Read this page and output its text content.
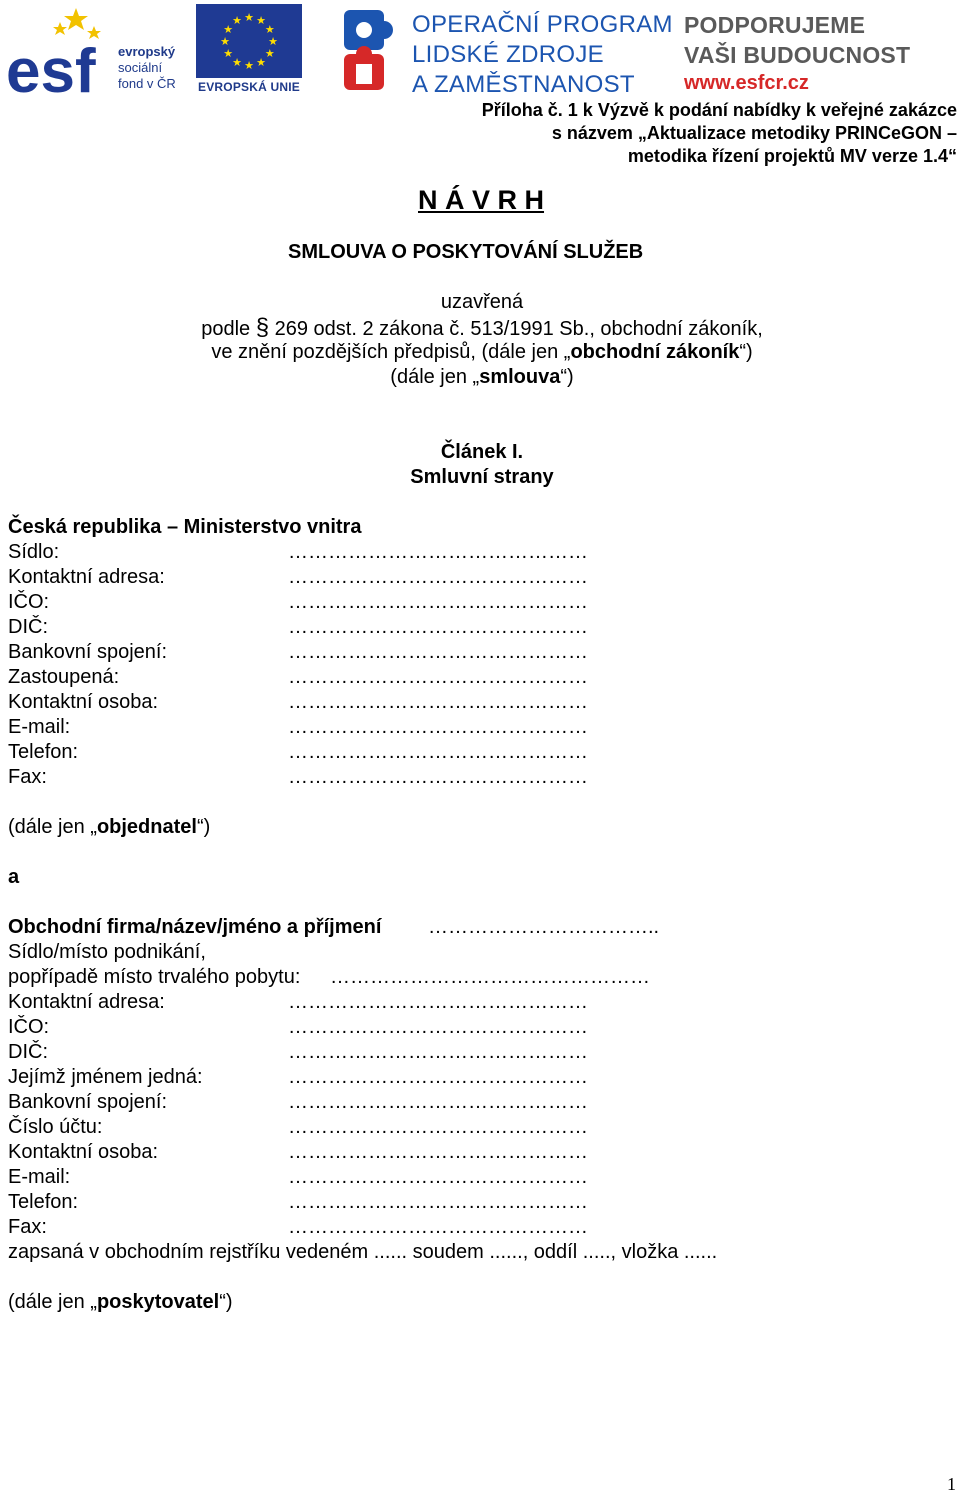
esf evropský
sociální
fond v ČR
★ ★
★
★
★
★
★
★
★
★
★
★
EVROPSKÁ UNIE
OPERAČNÍ PROGRAM
LIDSKÉ ZDROJE
A ZAMĚSTNANOST
PODPORUJEME
VAŠI BUDOUCNOST
www.esfcr.cz
Příloha č. 1 k Výzvě k podání nabídky k veřejné zakázce
s názvem „Aktualizace metodiky PRINCeGON –
metodika řízení projektů MV verze 1.4“
N Á V R H
SMLOUVA O POSKYTOVÁNÍ SLUŽEB
uzavřená
podle § 269 odst. 2 zákona č. 513/1991 Sb., obchodní zákoník,
ve znění pozdějších předpisů, (dále jen „obchodní zákoník“)
(dále jen „smlouva“)
Článek I.
Smluvní strany
Česká republika – Ministerstvo vnitra
Sídlo:	………………………………………
Kontaktní adresa:	………………………………………
IČO:	………………………………………
DIČ:	………………………………………
Bankovní spojení:	………………………………………
Zastoupená:	………………………………………
Kontaktní osoba:	………………………………………
E-mail:	………………………………………
Telefon:	………………………………………
Fax:	………………………………………
(dále jen „objednatel“)
a
Obchodní firma/název/jméno a příjmení ……………………………..
Sídlo/místo podnikání,
popřípadě místo trvalého pobytu: …………………………………………
Kontaktní adresa:	………………………………………
IČO:	………………………………………
DIČ:	………………………………………
Jejímž jménem jedná:	………………………………………
Bankovní spojení:	………………………………………
Číslo účtu:	………………………………………
Kontaktní osoba:	………………………………………
E-mail:	………………………………………
Telefon:	………………………………………
Fax:	………………………………………
zapsaná v obchodním rejstříku vedeném ...... soudem ......, oddíl ....., vložka ......
(dále jen „poskytovatel“)
1
